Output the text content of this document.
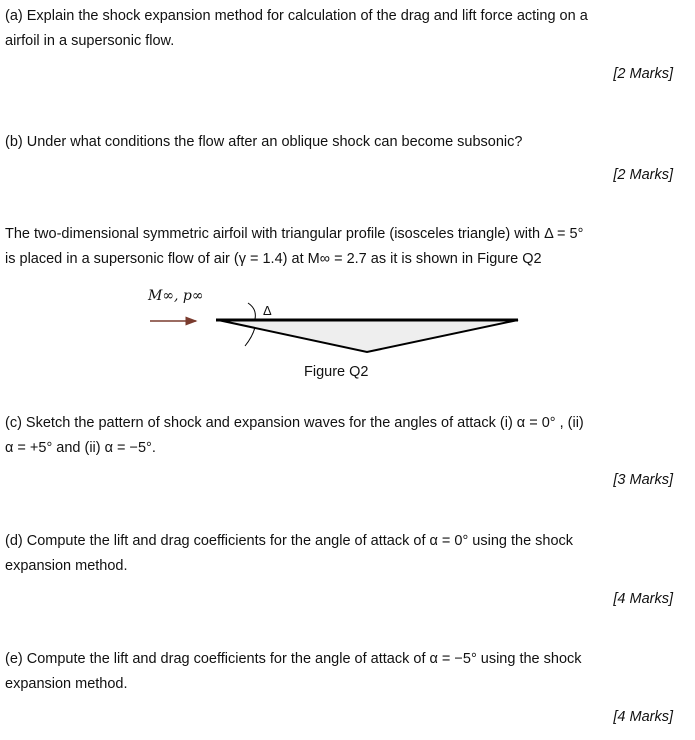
(a) Explain the shock expansion method for calculation of the drag and lift force acting on a
airfoil in a supersonic flow.
[2 Marks]
(b) Under what conditions the flow after an oblique shock can become subsonic?
[2 Marks]
The two-dimensional symmetric airfoil with triangular profile (isosceles triangle) with Δ = 5°
is placed in a supersonic flow of air (γ = 1.4) at M∞ = 2.7 as it is shown in Figure Q2
M∞, p∞
Δ
Figure Q2
(c) Sketch the pattern of shock and expansion waves for the angles of attack (i) α = 0° , (ii)
α = +5° and (ii) α = −5°.
[3 Marks]
(d) Compute the lift and drag coefficients for the angle of attack of α = 0° using the shock
expansion method.
[4 Marks]
(e) Compute the lift and drag coefficients for the angle of attack of α = −5° using the shock
expansion method.
[4 Marks]
